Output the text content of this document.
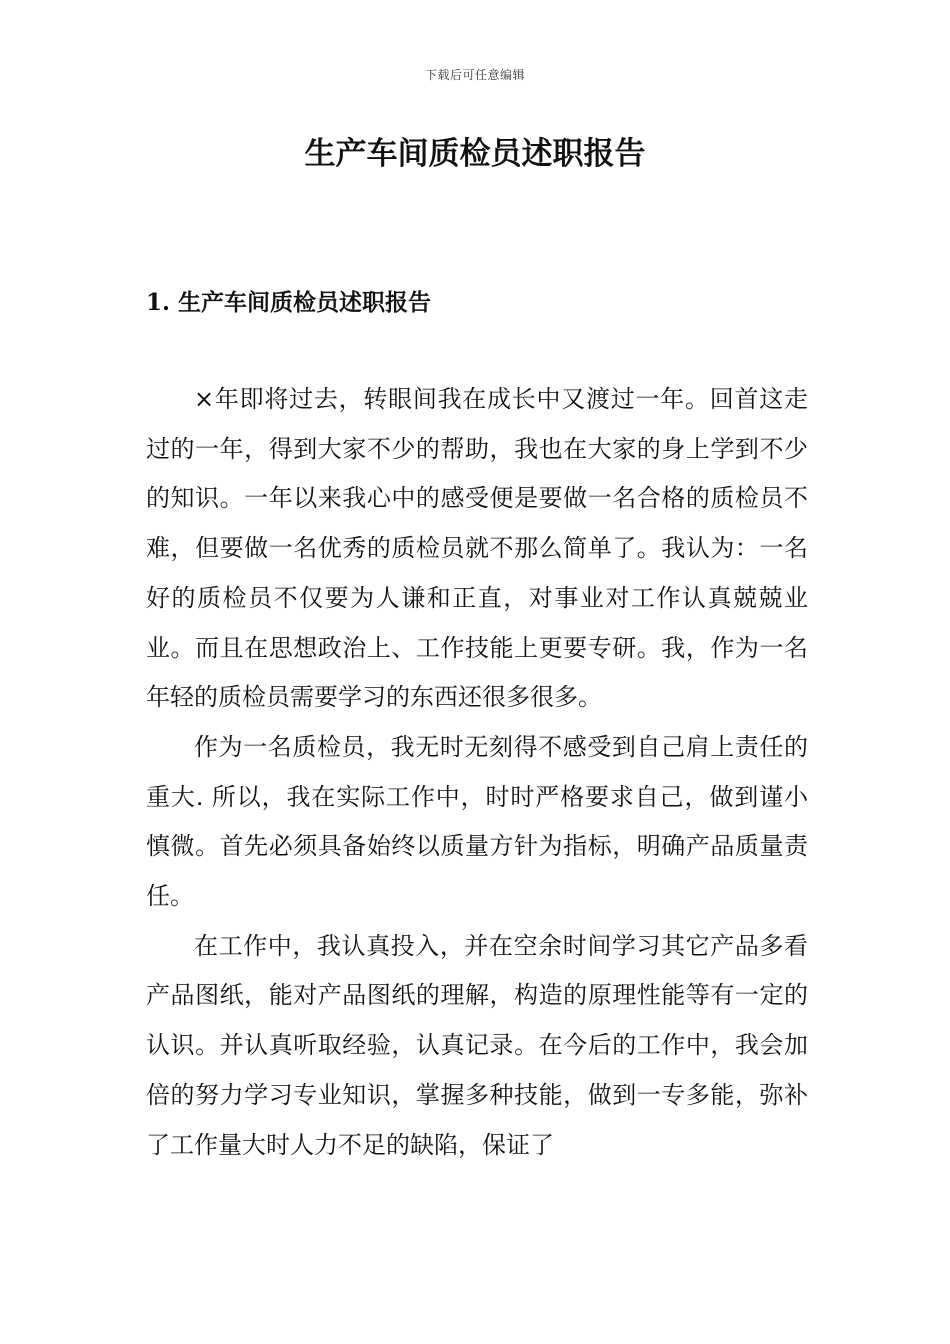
下载后可任意编辑
生产车间质检员述职报告
1. 生产车间质检员述职报告

×年即将过去，转眼间我在成长中又渡过一年。回首这走过的一年，得到大家不少的帮助，我也在大家的身上学到不少的知识。一年以来我心中的感受便是要做一名合格的质检员不难，但要做一名优秀的质检员就不那么简单了。我认为：一名好的质检员不仅要为人谦和正直，对事业对工作认真兢兢业业。而且在思想政治上、工作技能上更要专研。我，作为一名年轻的质检员需要学习的东西还很多很多。

作为一名质检员，我无时无刻得不感受到自己肩上责任的重大. 所以，我在实际工作中，时时严格要求自己，做到谨小慎微。首先必须具备始终以质量方针为指标，明确产品质量责任。

在工作中，我认真投入，并在空余时间学习其它产品多看产品图纸，能对产品图纸的理解，构造的原理性能等有一定的认识。并认真听取经验，认真记录。在今后的工作中，我会加倍的努力学习专业知识，掌握多种技能，做到一专多能，弥补了工作量大时人力不足的缺陷，保证了
